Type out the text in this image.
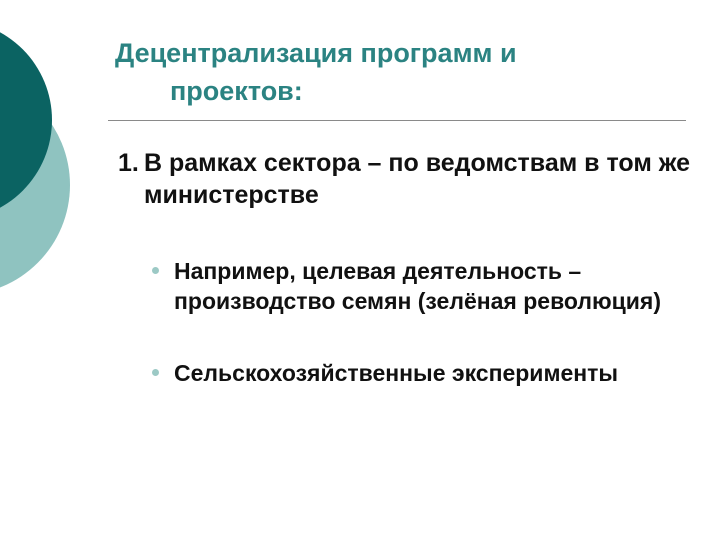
Децентрализация программ и
проектов:
1. В рамках сектора – по ведомствам в том же министерстве
Например, целевая деятельность – производство семян (зелёная революция)
Сельскохозяйственные эксперименты
